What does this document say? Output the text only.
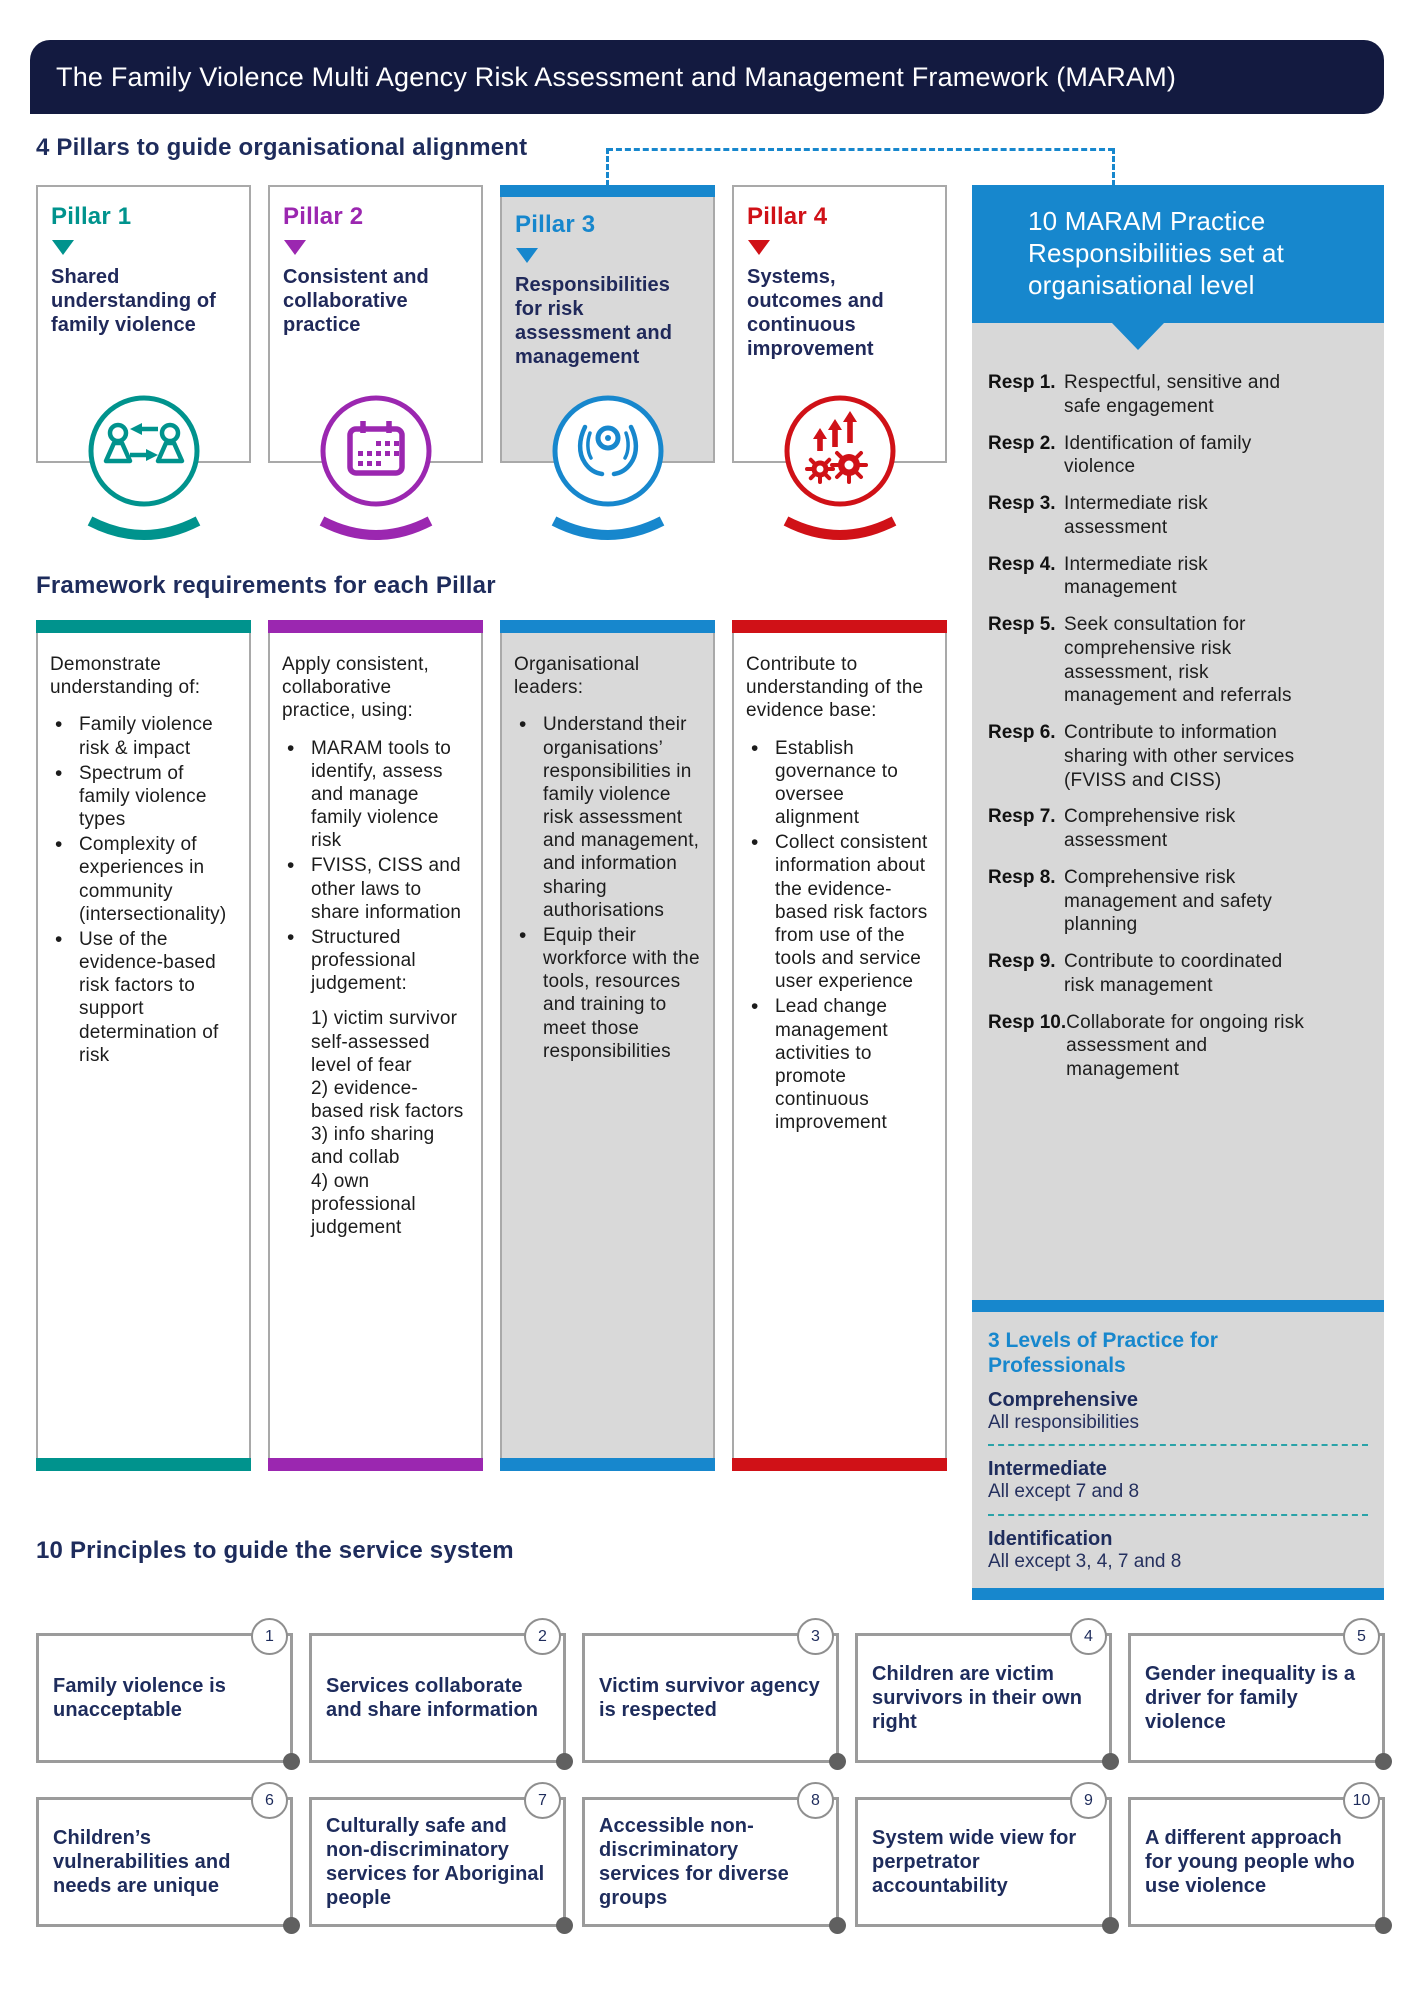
The Family Violence Multi Agency Risk Assessment and Management Framework (MARAM)
4 Pillars to guide organisational alignment
Pillar 1

Shared understanding of family violence

Pillar 2

Consistent and collaborative practice

Pillar 3

Responsibilities for risk assessment and management

Pillar 4

Systems, outcomes and continuous improvement

10 MARAM Practice Responsibilities set at organisational level
Resp 1. Respectful, sensitive and safe engagement
Resp 2. Identification of family violence
Resp 3. Intermediate risk assessment
Resp 4. Intermediate risk management
Resp 5. Seek consultation for comprehensive risk assessment, risk management and referrals
Resp 6. Contribute to information sharing with other services (FVISS and CISS)
Resp 7. Comprehensive risk assessment
Resp 8. Comprehensive risk management and safety planning
Resp 9. Contribute to coordinated risk management
Resp 10. Collaborate for ongoing risk assessment and management
3 Levels of Practice for Professionals

Comprehensive

All responsibilities

Intermediate

All except 7 and 8

Identification

All except 3, 4, 7 and 8

Framework requirements for each Pillar

Demonstrate understanding of:

• Family violence risk & impact
• Spectrum of family violence types
• Complexity of experiences in community (intersectionality)
• Use of the evidence-based risk factors to support determination of risk

Apply consistent, collaborative practice, using:

• MARAM tools to identify, assess and manage family violence risk
• FVISS, CISS and other laws to share information
• Structured professional judgement:

1) victim survivor self-assessed level of fear

2) evidence-based risk factors

3) info sharing and collab

4) own professional judgement

Organisational leaders:

• Understand their organisations’ responsibilities in family violence risk assessment and management, and information sharing authorisations
• Equip their workforce with the tools, resources and training to meet those responsibilities

Contribute to understanding of the evidence base:

• Establish governance to oversee alignment
• Collect consistent information about the evidence-based risk factors from use of the tools and service user experience
• Lead change management activities to promote continuous improvement
10 Principles to guide the service system
1

Family violence is unacceptable

2

Services collaborate and share information

3

Victim survivor agency is respected

4

Children are victim survivors in their own right

5

Gender inequality is a driver for family violence

6

Children’s vulnerabilities and needs are unique

7

Culturally safe and non-discriminatory services for Aboriginal people

8

Accessible non-discriminatory services for diverse groups

9

System wide view for perpetrator accountability

10

A different approach for young people who use violence
